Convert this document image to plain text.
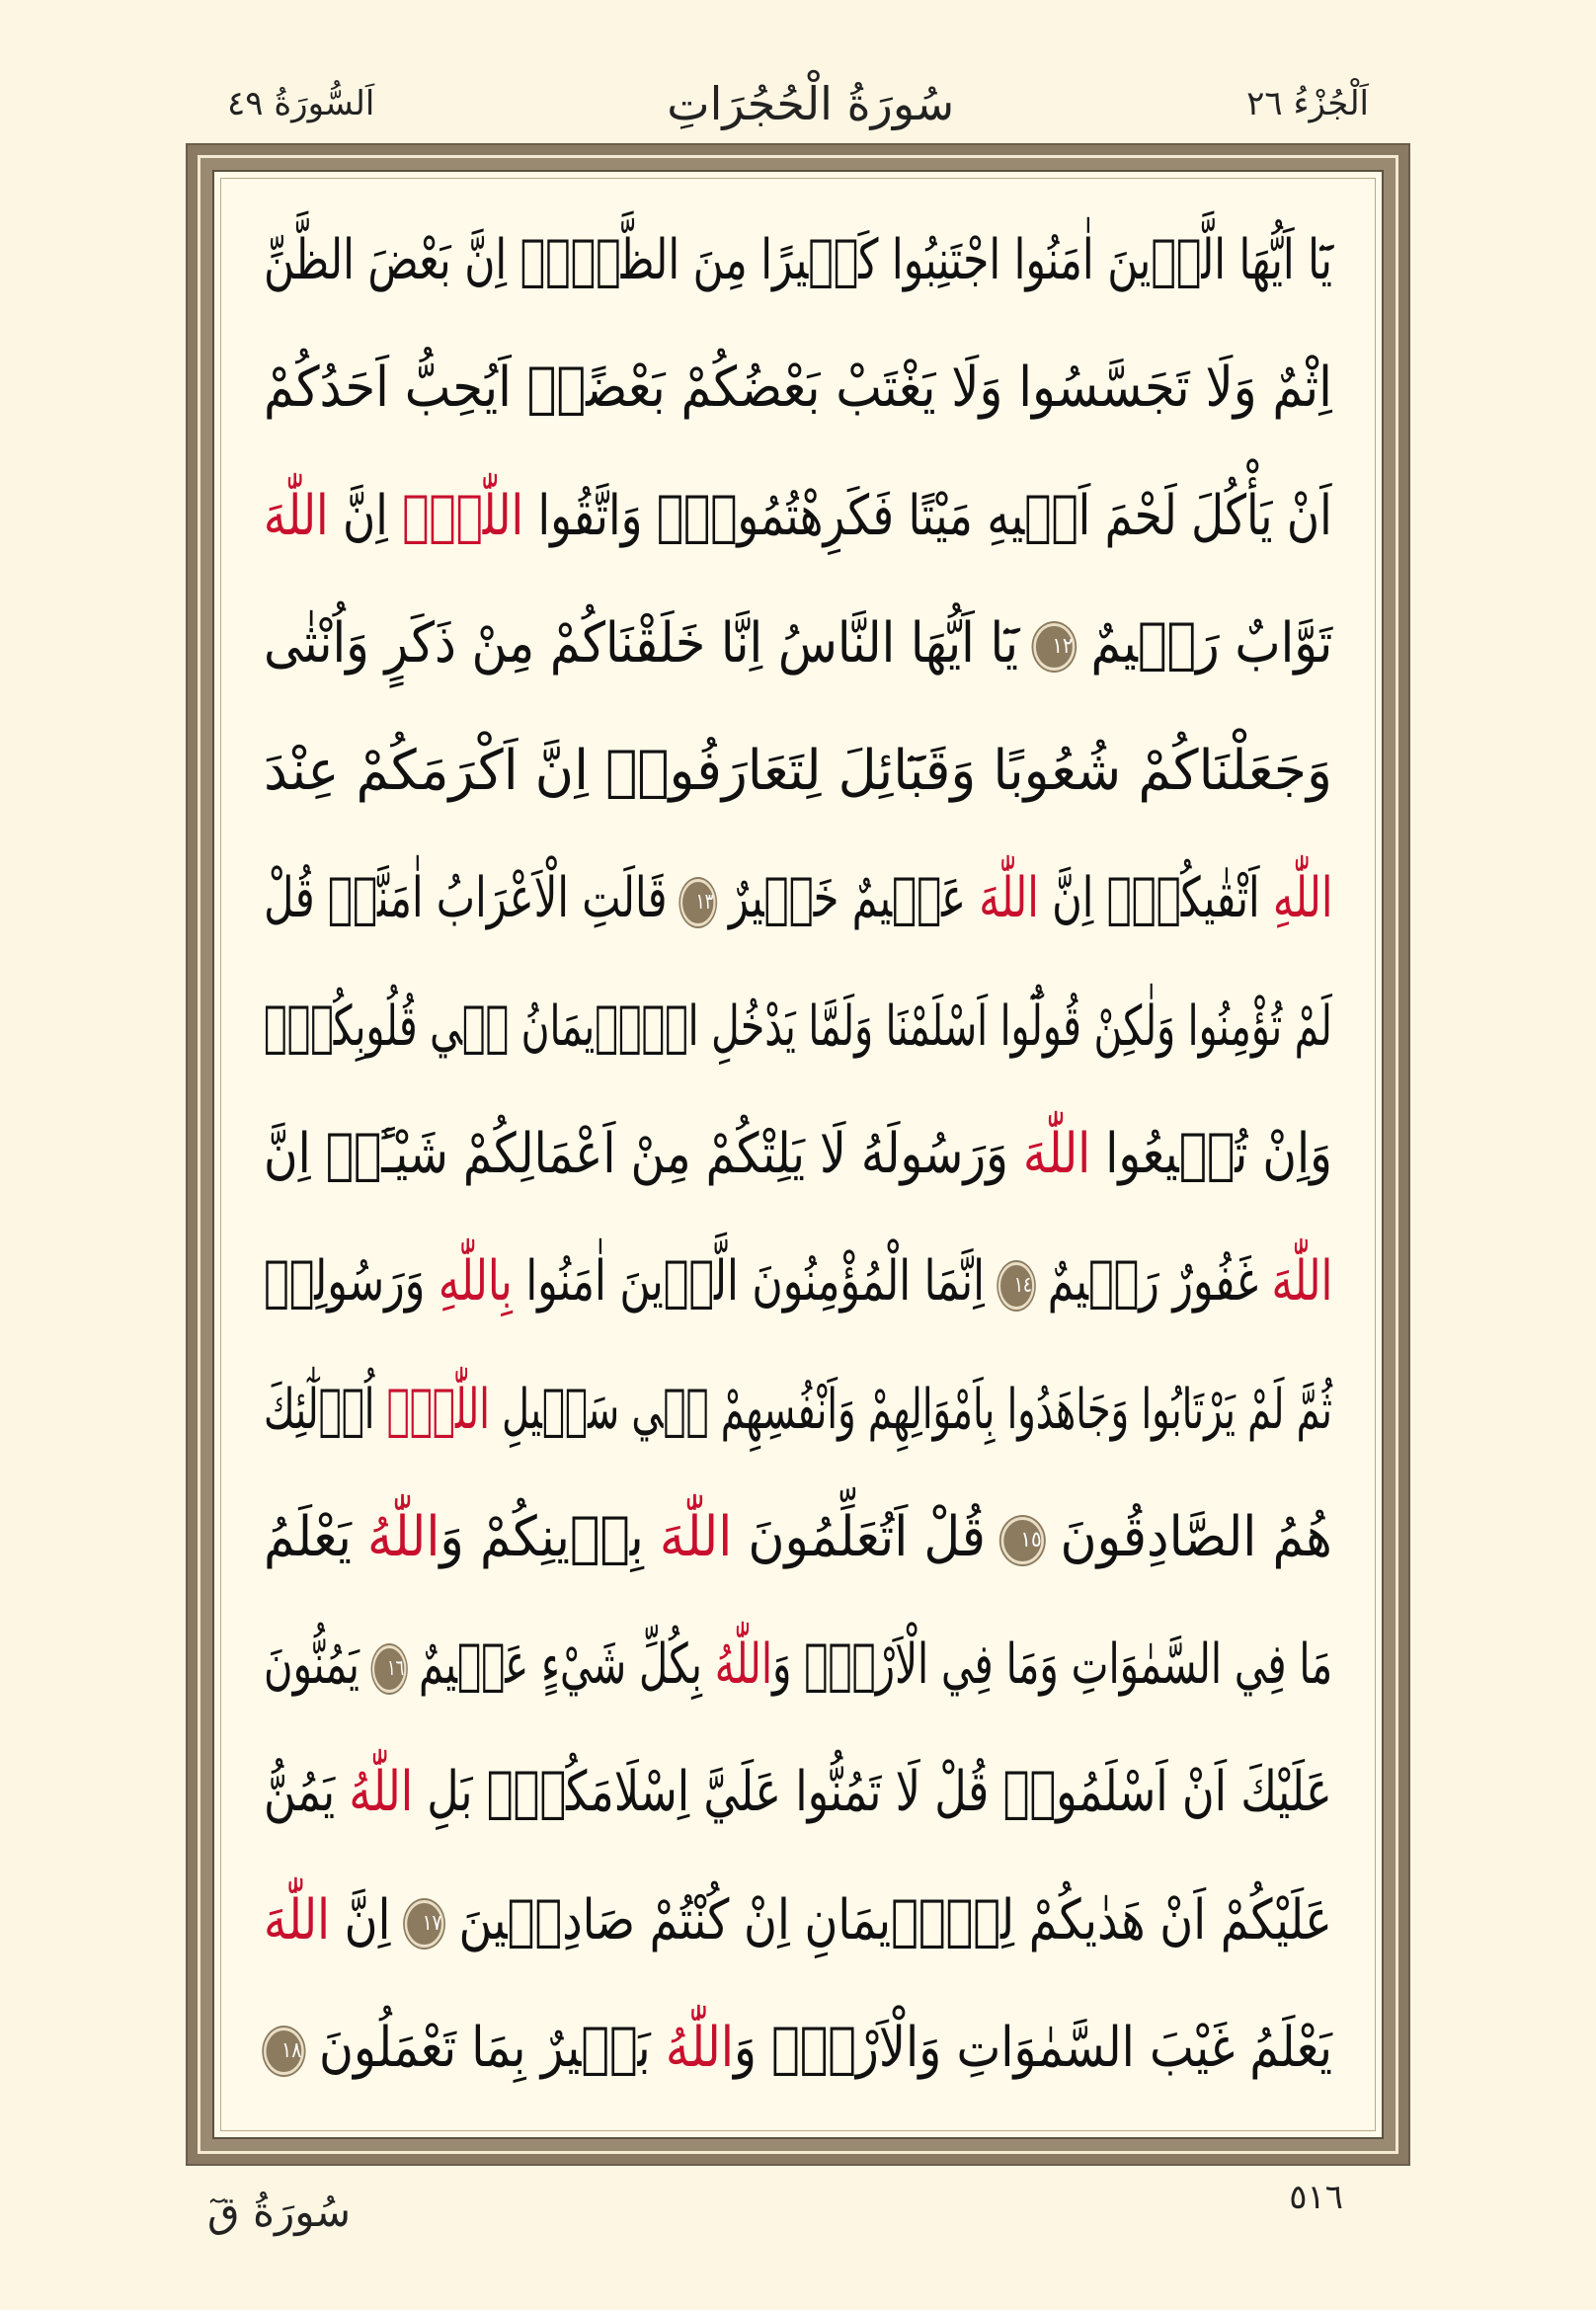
اَلْجُزْءُ ٢٦
سُورَةُ الْحُجُرَاتِ
اَلسُّورَةُ ٤٩
يَٓا اَيُّهَا الَّذ۪ينَ اٰمَنُوا اجْتَنِبُوا كَث۪يرًا مِنَ الظَّنِّۘ اِنَّ بَعْضَ الظَّنِّ
اِثْمٌ وَلَا تَجَسَّسُوا وَلَا يَغْتَبْ بَعْضُكُمْ بَعْضًاۜ اَيُحِبُّ اَحَدُكُمْ
اَنْ يَأْكُلَ لَحْمَ اَخ۪يهِ مَيْتًا فَكَرِهْتُمُوهُۜ وَاتَّقُوا اللّٰهَۜ اِنَّ اللّٰهَ
تَوَّابٌ رَح۪يمٌ ١٢ يَٓا اَيُّهَا النَّاسُ اِنَّا خَلَقْنَاكُمْ مِنْ ذَكَرٍ وَاُنْثٰى
وَجَعَلْنَاكُمْ شُعُوبًا وَقَبَٓائِلَ لِتَعَارَفُواۜ اِنَّ اَكْرَمَكُمْ عِنْدَ
اللّٰهِ اَتْقٰيكُمْۜ اِنَّ اللّٰهَ عَل۪يمٌ خَب۪يرٌ ١٣ قَالَتِ الْاَعْرَابُ اٰمَنَّاۜ قُلْ
لَمْ تُؤْمِنُوا وَلٰكِنْ قُولُٓوا اَسْلَمْنَا وَلَمَّا يَدْخُلِ الْا۪يمَانُ ف۪ي قُلُوبِكُمْۜ
وَاِنْ تُط۪يعُوا اللّٰهَ وَرَسُولَهُ لَا يَلِتْكُمْ مِنْ اَعْمَالِكُمْ شَيْـًٔاۜ اِنَّ
اللّٰهَ غَفُورٌ رَح۪يمٌ ١٤ اِنَّمَا الْمُؤْمِنُونَ الَّذ۪ينَ اٰمَنُوا بِاللّٰهِ وَرَسُولِه۪
ثُمَّ لَمْ يَرْتَابُوا وَجَاهَدُوا بِاَمْوَالِهِمْ وَاَنْفُسِهِمْ ف۪ي سَب۪يلِ اللّٰهِۜ اُو۬لٰٓئِكَ
هُمُ الصَّادِقُونَ ١٥ قُلْ اَتُعَلِّمُونَ اللّٰهَ بِد۪ينِكُمْ وَاللّٰهُ يَعْلَمُ
مَا فِي السَّمٰوَاتِ وَمَا فِي الْاَرْضِۜ وَاللّٰهُ بِكُلِّ شَيْءٍ عَل۪يمٌ ١٦ يَمُنُّونَ
عَلَيْكَ اَنْ اَسْلَمُواۜ قُلْ لَا تَمُنُّوا عَلَيَّ اِسْلَامَكُمْۚ بَلِ اللّٰهُ يَمُنُّ
عَلَيْكُمْ اَنْ هَدٰيكُمْ لِلْا۪يمَانِ اِنْ كُنْتُمْ صَادِق۪ينَ ١٧ اِنَّ اللّٰهَ
يَعْلَمُ غَيْبَ السَّمٰوَاتِ وَالْاَرْضِۜ وَاللّٰهُ بَص۪يرٌ بِمَا تَعْمَلُونَ ١٨
٥١٦
سُورَةُ قٓ
